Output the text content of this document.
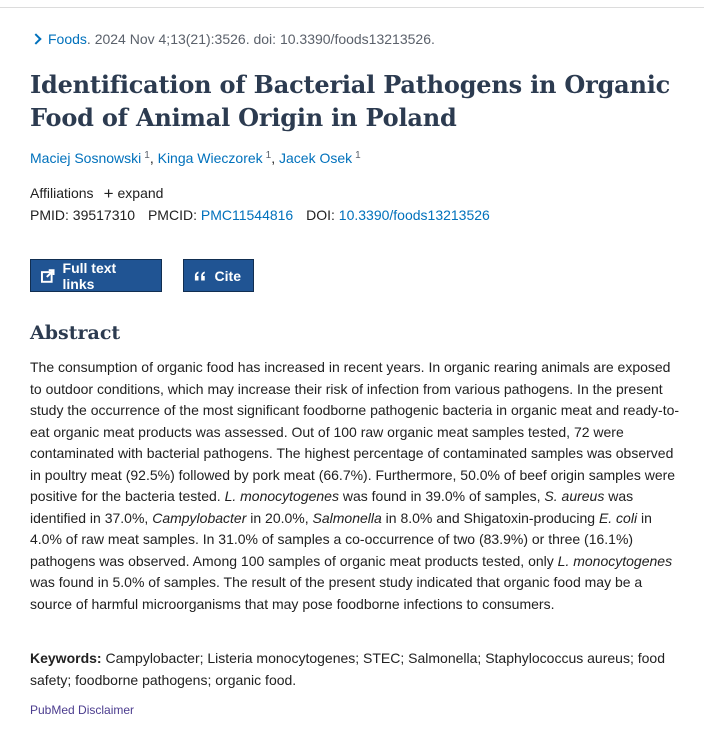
Foods. 2024 Nov 4;13(21):3526. doi: 10.3390/foods13213526.
Identification of Bacterial Pathogens in Organic Food of Animal Origin in Poland
Maciej Sosnowski $^1$, Kinga Wieczorek $^1$, Jacek Osek $^1$
Affiliations + expand
PMID: 39517310 PMCID: PMC11544816 DOI: 10.3390/foods13213526
Full text links	Cite
Abstract
The consumption of organic food has increased in recent years. In organic rearing animals are exposed to outdoor conditions, which may increase their risk of infection from various pathogens. In the present study the occurrence of the most significant foodborne pathogenic bacteria in organic meat and ready-to-eat organic meat products was assessed. Out of 100 raw organic meat samples tested, 72 were contaminated with bacterial pathogens. The highest percentage of contaminated samples was observed in poultry meat (92.5%) followed by pork meat (66.7%). Furthermore, 50.0% of beef origin samples were positive for the bacteria tested. L. monocytogenes was found in 39.0% of samples, S. aureus was identified in 37.0%, Campylobacter in 20.0%, Salmonella in 8.0% and Shigatoxin-producing E. coli in 4.0% of raw meat samples. In 31.0% of samples a co-occurrence of two (83.9%) or three (16.1%) pathogens was observed. Among 100 samples of organic meat products tested, only L. monocytogenes was found in 5.0% of samples. The result of the present study indicated that organic food may be a source of harmful microorganisms that may pose foodborne infections to consumers.
Keywords: Campylobacter; Listeria monocytogenes; STEC; Salmonella; Staphylococcus aureus; food safety; foodborne pathogens; organic food.
PubMed Disclaimer
